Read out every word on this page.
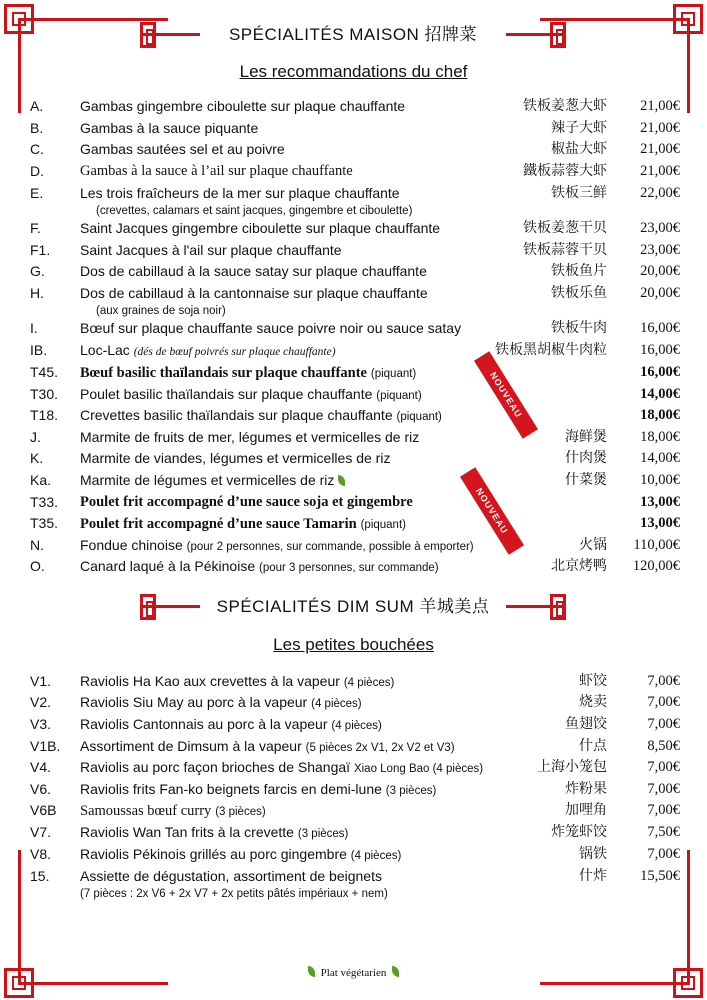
SPÉCIALITÉS MAISON 招牌菜
Les recommandations du chef
A.	Gambas gingembre ciboulette sur plaque chauffante	铁板姜葱大虾 21,00€
B.	Gambas à la sauce piquante	辣子大虾 21,00€
C.	Gambas sautées sel et au poivre	椒盐大虾 21,00€
D. Gambas à la sauce à l’ail sur plaque chauffante	鐵板蒜蓉大虾 21,00€
E.	Les trois fraîcheurs de la mer sur plaque chauffante	铁板三鲜 22,00€
(crevettes, calamars et saint jacques, gingembre et ciboulette)
F.	Saint Jacques gingembre ciboulette sur plaque chauffante	铁板姜葱干贝 23,00€
F1. Saint Jacques à l'ail sur plaque chauffante	铁板蒜蓉干贝 23,00€
G.	Dos de cabillaud à la sauce satay sur plaque chauffante	铁板鱼片 20,00€
H.	Dos de cabillaud à la cantonnaise sur plaque chauffante	铁板乐鱼 20,00€
(aux graines de soja noir)
I.	Bœuf sur plaque chauffante sauce poivre noir ou sauce satay	铁板牛肉 16,00€
IB. Loc-Lac (dés de bœuf poivrés sur plaque chauffante)	铁板黑胡椒牛肉粒 16,00€
T45. Bœuf basilic thaïlandais sur plaque chauffante (piquant)	16,00€
T30. Poulet basilic thaïlandais sur plaque chauffante (piquant)	14,00€
T18. Crevettes basilic thaïlandais sur plaque chauffante (piquant)	18,00€
NOUVEAU
J.	Marmite de fruits de mer, légumes et vermicelles de riz	海鲜煲 18,00€
K.	Marmite de viandes, légumes et vermicelles de riz	什肉煲 14,00€
Ka. Marmite de légumes et vermicelles de riz	什菜煲 10,00€
T33. Poulet frit accompagné d’une sauce soja et gingembre	13,00€
T35. Poulet frit accompagné d’une sauce Tamarin (piquant)	13,00€
NOUVEAU
N.	Fondue chinoise (pour 2 personnes, sur commande, possible à emporter)	火锅 110,00€
O.	Canard laqué à la Pékinoise (pour 3 personnes, sur commande)	北京烤鸭 120,00€
SPÉCIALITÉS DIM SUM 羊城美点
Les petites bouchées
V1. Raviolis Ha Kao aux crevettes à la vapeur (4 pièces)	虾饺	7,00€
V2. Raviolis Siu May au porc à la vapeur (4 pièces)	烧卖	7,00€
V3. Raviolis Cantonnais au porc à la vapeur (4 pièces)	鱼翅饺	7,00€
V1B. Assortiment de Dimsum à la vapeur (5 pièces 2x V1, 2x V2 et V3)	什点	8,50€
V4. Raviolis au porc façon brioches de Shangaï Xiao Long Bao (4 pièces)	上海小笼包	7,00€
V6. Raviolis frits Fan-ko beignets farcis en demi-lune (3 pièces)	炸粉果	7,00€
V6B Samoussas bœuf curry (3 pièces)	加哩角	7,00€
V7. Raviolis Wan Tan frits à la crevette (3 pièces)	炸笼虾饺	7,50€
V8. Raviolis Pékinois grillés au porc gingembre (4 pièces)	锅铁	7,00€
15. Assiette de dégustation, assortiment de beignets	什炸 15,50€
(7 pièces : 2x V6 + 2x V7 + 2x petits pâtés impériaux + nem)
Plat végétarien
